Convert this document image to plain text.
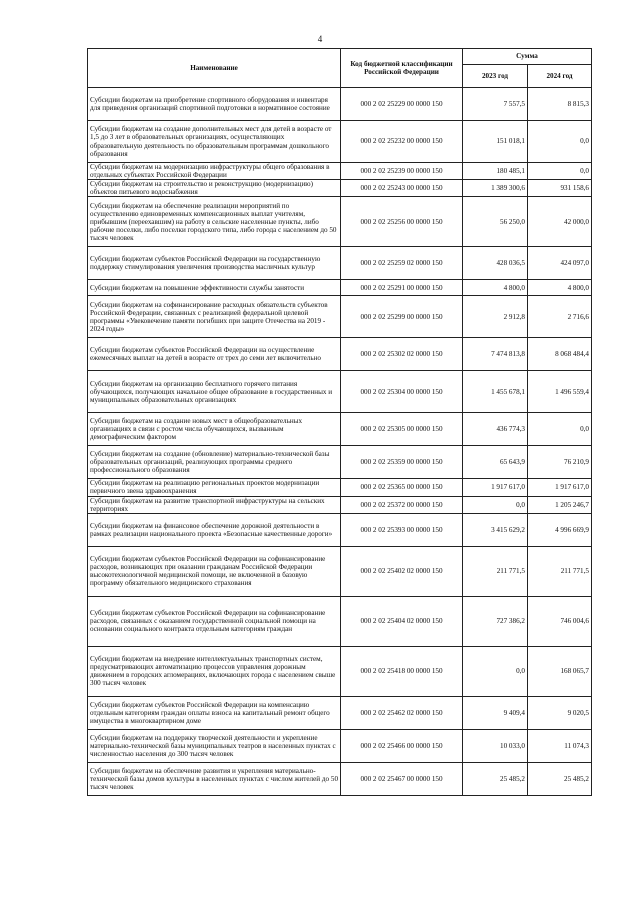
4
Наименование	Код бюджетной классификации Российской Федерации	Сумма	
		2023 год	2024 год
Субсидии бюджетам на приобретение спортивного оборудования и инвентаря для приведения организаций спортивной подготовки в нормативное состояние	000 2 02 25229 00 0000 150	7 557,5	8 815,3
Субсидии бюджетам на создание дополнительных мест для детей в возрасте от 1,5 до 3 лет в образовательных организациях, осуществляющих образовательную деятельность по образовательным программам дошкольного образования	000 2 02 25232 00 0000 150	151 018,1	0,0
Субсидии бюджетам на модернизацию инфраструктуры общего образования в отдельных субъектах Российской Федерации	000 2 02 25239 00 0000 150	180 485,1	0,0
Субсидии бюджетам на строительство и реконструкцию (модернизацию) объектов питьевого водоснабжения	000 2 02 25243 00 0000 150	1 389 300,6	931 158,6
Субсидии бюджетам на обеспечение реализации мероприятий по осуществлению единовременных компенсационных выплат учителям, прибывшим (переехавшим) на работу в сельские населенные пункты, либо рабочие поселки, либо поселки городского типа, либо города с населением до 50 тысяч человек	000 2 02 25256 00 0000 150	56 250,0	42 000,0
Субсидии бюджетам субъектов Российской Федерации на государственную поддержку стимулирования увеличения производства масличных культур	000 2 02 25259 02 0000 150	428 036,5	424 097,0
Субсидии бюджетам на повышение эффективности службы занятости	000 2 02 25291 00 0000 150	4 800,0	4 800,0
Субсидии бюджетам на софинансирование расходных обязательств субъектов Российской Федерации, связанных с реализацией федеральной целевой программы «Увековечение памяти погибших при защите Отечества на 2019 - 2024 годы»	000 2 02 25299 00 0000 150	2 912,8	2 716,6
Субсидии бюджетам субъектов Российской Федерации на осуществление ежемесячных выплат на детей в возрасте от трех до семи лет включительно	000 2 02 25302 02 0000 150	7 474 813,8	8 068 484,4
Субсидии бюджетам на организацию бесплатного горячего питания обучающихся, получающих начальное общее образование в государственных и муниципальных образовательных организациях	000 2 02 25304 00 0000 150	1 455 678,1	1 496 559,4
Субсидии бюджетам на создание новых мест в общеобразовательных организациях в связи с ростом числа обучающихся, вызванным демографическим фактором	000 2 02 25305 00 0000 150	436 774,3	0,0
Субсидии бюджетам на создание (обновление) материально-технической базы образовательных организаций, реализующих программы среднего профессионального образования	000 2 02 25359 00 0000 150	65 643,9	76 210,9
Субсидии бюджетам на реализацию региональных проектов модернизации первичного звена здравоохранения	000 2 02 25365 00 0000 150	1 917 617,0	1 917 617,0
Субсидии бюджетам на развитие транспортной инфраструктуры на сельских территориях	000 2 02 25372 00 0000 150	0,0	1 205 246,7
Субсидии бюджетам на финансовое обеспечение дорожной деятельности в рамках реализации национального проекта «Безопасные качественные дороги»	000 2 02 25393 00 0000 150	3 415 629,2	4 996 669,9
Субсидии бюджетам субъектов Российской Федерации на софинансирование расходов, возникающих при оказании гражданам Российской Федерации высокотехнологичной медицинской помощи, не включенной в базовую программу обязательного медицинского страхования	000 2 02 25402 02 0000 150	211 771,5	211 771,5
Субсидии бюджетам субъектов Российской Федерации на софинансирование расходов, связанных с оказанием государственной социальной помощи на основании социального контракта отдельным категориям граждан	000 2 02 25404 02 0000 150	727 386,2	746 004,6
Субсидии бюджетам на внедрение интеллектуальных транспортных систем, предусматривающих автоматизацию процессов управления дорожным движением в городских агломерациях, включающих города с населением свыше 300 тысяч человек	000 2 02 25418 00 0000 150	0,0	168 065,7
Субсидии бюджетам субъектов Российской Федерации на компенсацию отдельным категориям граждан оплаты взноса на капитальный ремонт общего имущества в многоквартирном доме	000 2 02 25462 02 0000 150	9 409,4	9 020,5
Субсидии бюджетам на поддержку творческой деятельности и укрепление материально-технической базы муниципальных театров в населенных пунктах с численностью населения до 300 тысяч человек	000 2 02 25466 00 0000 150	10 033,0	11 074,3
Субсидии бюджетам на обеспечение развития и укрепления материально-технической базы домов культуры в населенных пунктах с числом жителей до 50 тысяч человек	000 2 02 25467 00 0000 150	25 485,2	25 485,2
